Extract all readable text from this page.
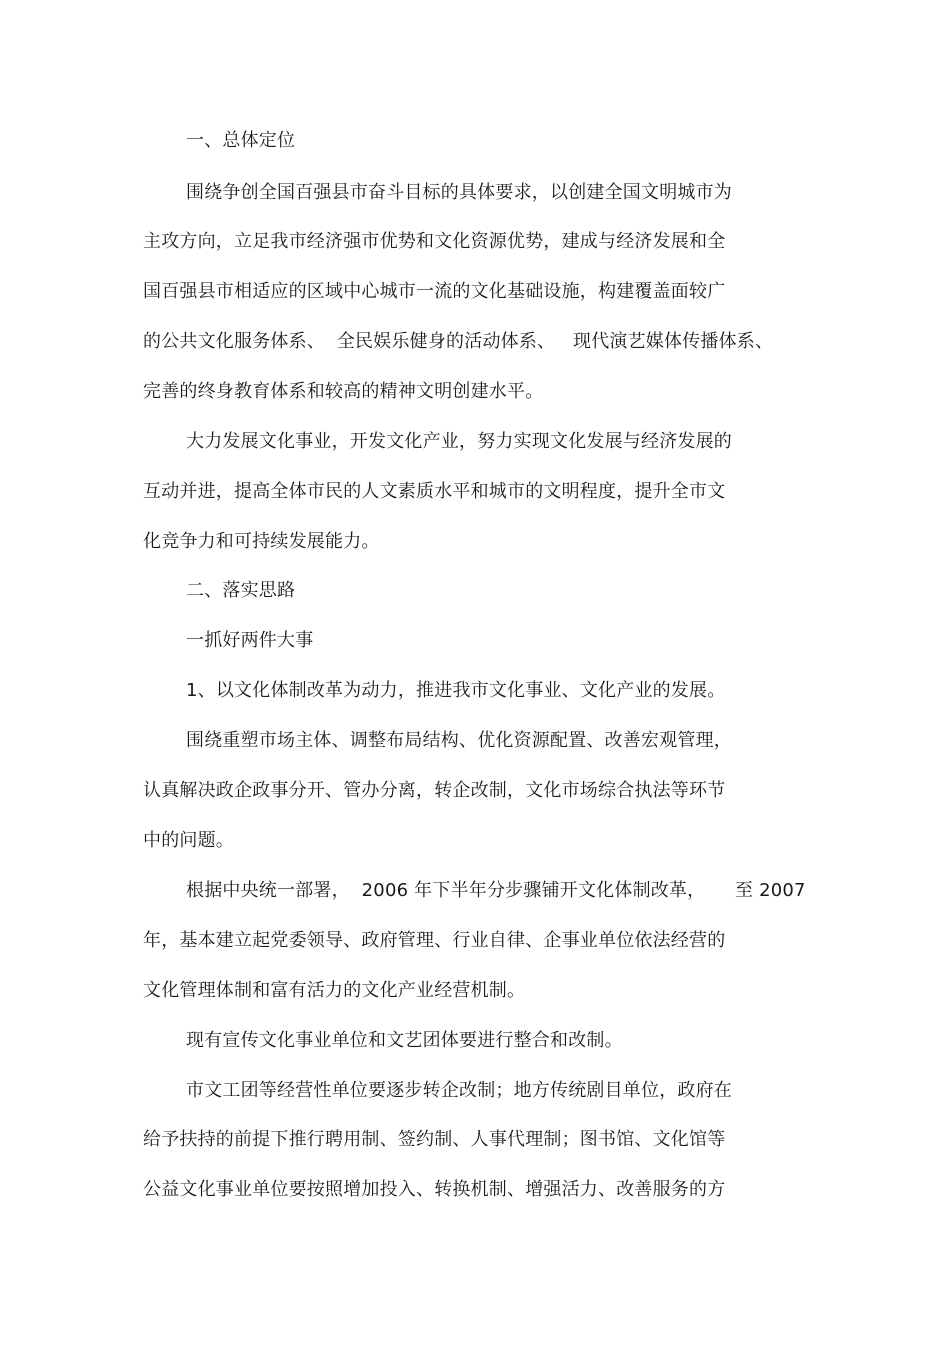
一、总体定位
围绕争创全国百强县市奋斗目标的具体要求，以创建全国文明城市为
主攻方向，立足我市经济强市优势和文化资源优势，建成与经济发展和全
国百强县市相适应的区域中心城市一流的文化基础设施，构建覆盖面较广
的公共文化服务体系、  全民娱乐健身的活动体系、   现代演艺媒体传播体系、
完善的终身教育体系和较高的精神文明创建水平。
大力发展文化事业，开发文化产业，努力实现文化发展与经济发展的
互动并进，提高全体市民的人文素质水平和城市的文明程度，提升全市文
化竞争力和可持续发展能力。
二、落实思路
一抓好两件大事
1、以文化体制改革为动力，推进我市文化事业、文化产业的发展。
围绕重塑市场主体、调整布局结构、优化资源配置、改善宏观管理，
认真解决政企政事分开、管办分离，转企改制，文化市场综合执法等环节
中的问题。
根据中央统一部署，  2006 年下半年分步骤铺开文化体制改革，     至 2007
年，基本建立起党委领导、政府管理、行业自律、企事业单位依法经营的
文化管理体制和富有活力的文化产业经营机制。
现有宣传文化事业单位和文艺团体要进行整合和改制。
市文工团等经营性单位要逐步转企改制；地方传统剧目单位，政府在
给予扶持的前提下推行聘用制、签约制、人事代理制；图书馆、文化馆等
公益文化事业单位要按照增加投入、转换机制、增强活力、改善服务的方
